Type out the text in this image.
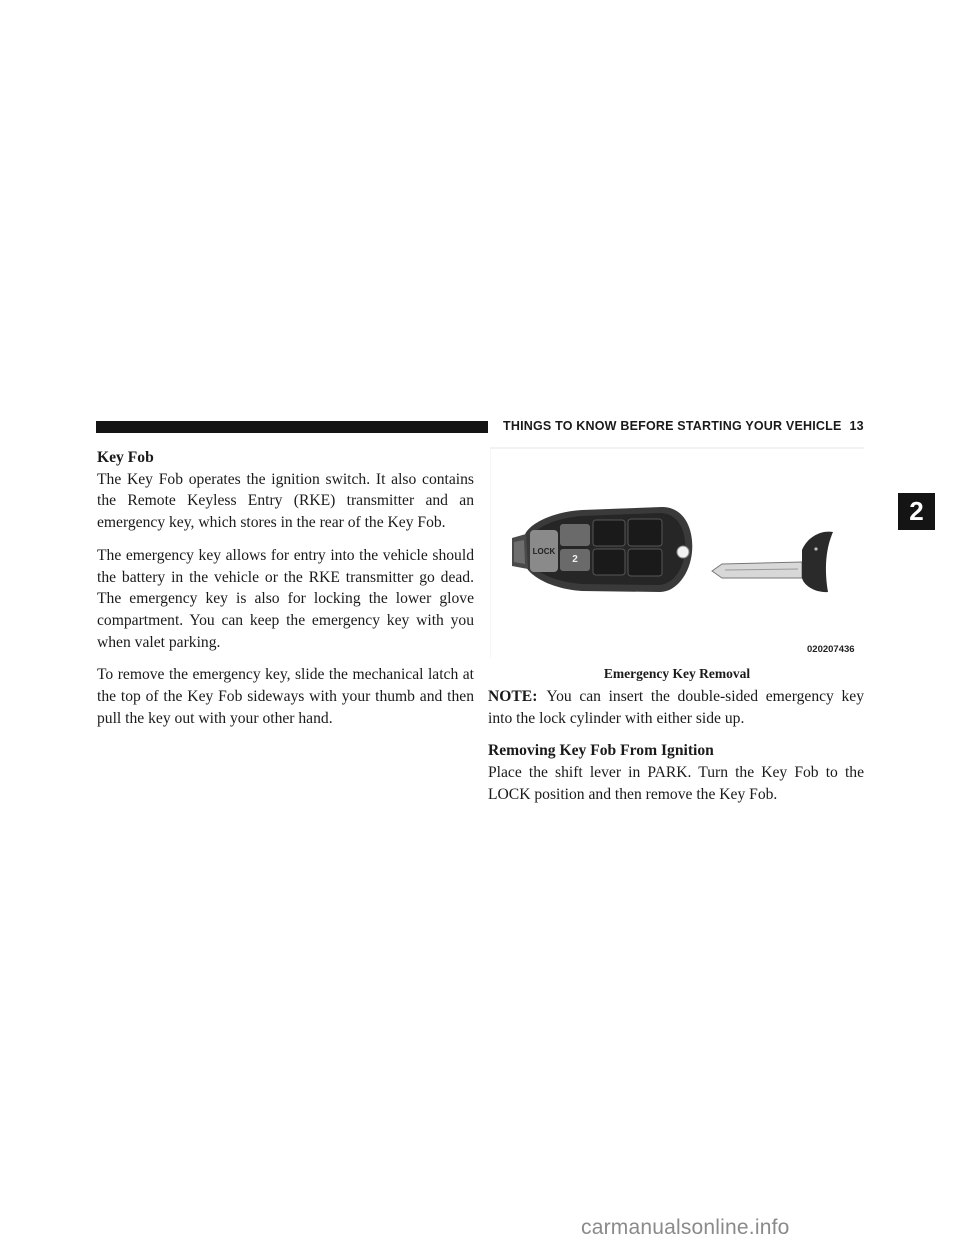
THINGS TO KNOW BEFORE STARTING YOUR VEHICLE 13
2

Key Fob

The Key Fob operates the ignition switch. It also contains the Remote Keyless Entry (RKE) transmitter and an emergency key, which stores in the rear of the Key Fob.

The emergency key allows for entry into the vehicle should the battery in the vehicle or the RKE transmitter go dead. The emergency key is also for locking the lower glove compartment. You can keep the emergency key with you when valet parking.

To remove the emergency key, slide the mechanical latch at the top of the Key Fob sideways with your thumb and then pull the key out with your other hand.

LOCK
2
020207436
Emergency Key Removal

NOTE: You can insert the double-sided emergency key into the lock cylinder with either side up.

Removing Key Fob From Ignition

Place the shift lever in PARK. Turn the Key Fob to the LOCK position and then remove the Key Fob.

carmanualsonline.info
